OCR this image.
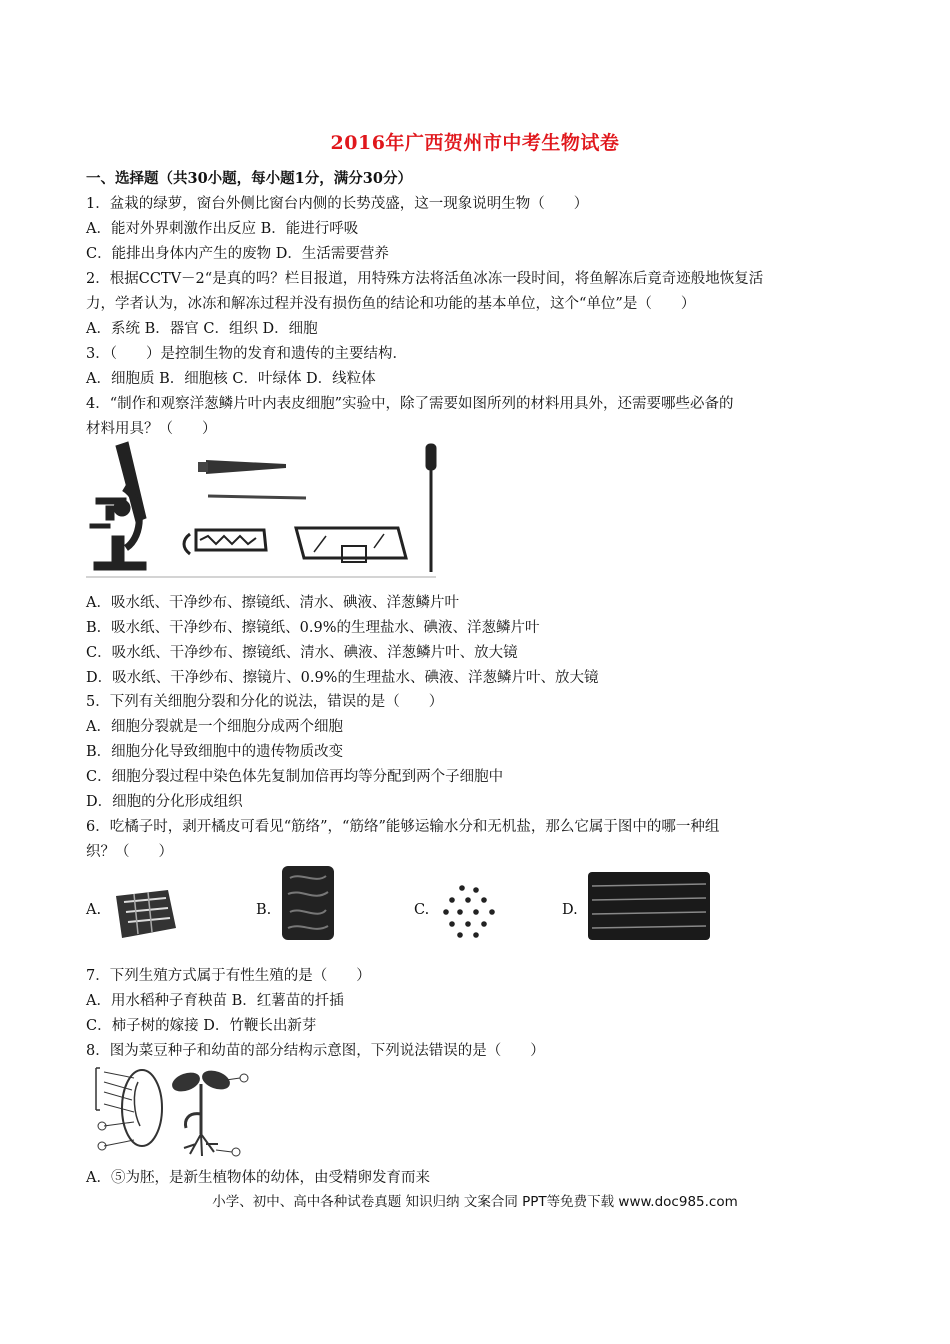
2016年广西贺州市中考生物试卷
一、选择题（共30小题，每小题1分，满分30分）
1．盆栽的绿萝，窗台外侧比窗台内侧的长势茂盛，这一现象说明生物（　　）
A．能对外界刺激作出反应 B．能进行呼吸
C．能排出身体内产生的废物 D．生活需要营养
2．根据CCTV－2“是真的吗？栏目报道，用特殊方法将活鱼冰冻一段时间，将鱼解冻后竟奇迹般地恢复活
力，学者认为，冰冻和解冻过程并没有损伤鱼的结论和功能的基本单位，这个“单位”是（　　）
A．系统 B．器官 C．组织 D．细胞
3．（　　）是控制生物的发育和遗传的主要结构．
A．细胞质 B．细胞核 C．叶绿体 D．线粒体
4．“制作和观察洋葱鳞片叶内表皮细胞”实验中，除了需要如图所列的材料用具外，还需要哪些必备的
材料用具？（　　）
A．吸水纸、干净纱布、擦镜纸、清水、碘液、洋葱鳞片叶
B．吸水纸、干净纱布、擦镜纸、0.9%的生理盐水、碘液、洋葱鳞片叶
C．吸水纸、干净纱布、擦镜纸、清水、碘液、洋葱鳞片叶、放大镜
D．吸水纸、干净纱布、擦镜片、0.9%的生理盐水、碘液、洋葱鳞片叶、放大镜
5．下列有关细胞分裂和分化的说法，错误的是（　　）
A．细胞分裂就是一个细胞分成两个细胞
B．细胞分化导致细胞中的遗传物质改变
C．细胞分裂过程中染色体先复制加倍再均等分配到两个子细胞中
D．细胞的分化形成组织
6．吃橘子时，剥开橘皮可看见“筋络”，“筋络”能够运输水分和无机盐，那么它属于图中的哪一种组
织？（　　）
A.	B.	C.	D.
7．下列生殖方式属于有性生殖的是（　　）
A．用水稻种子育秧苗 B．红薯苗的扦插
C．柿子树的嫁接 D．竹鞭长出新芽
8．图为菜豆种子和幼苗的部分结构示意图，下列说法错误的是（　　）
A．⑤为胚，是新生植物体的幼体，由受精卵发育而来
小学、初中、高中各种试卷真题 知识归纳 文案合同 PPT等免费下载 www.doc985.com
